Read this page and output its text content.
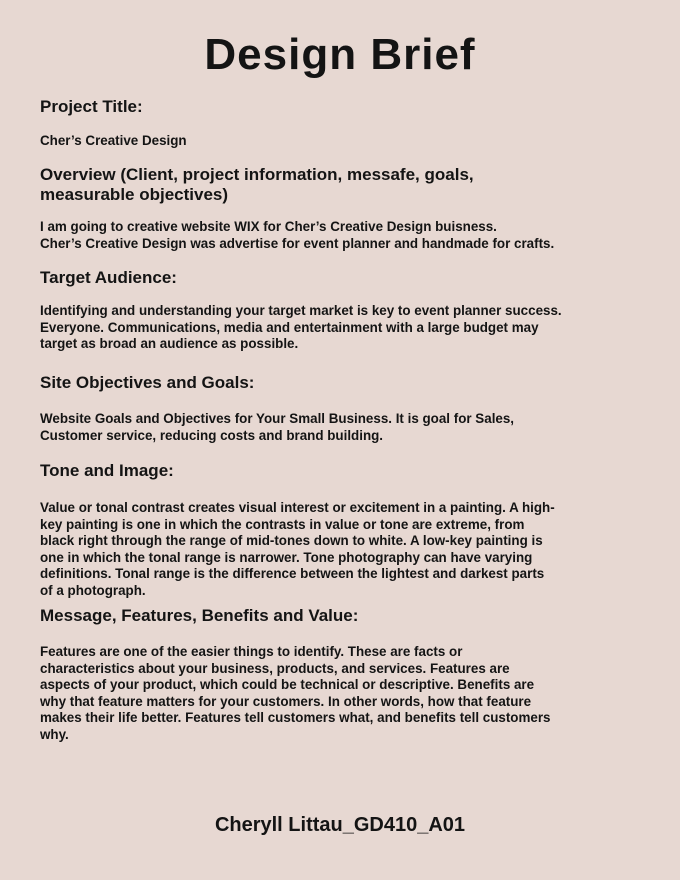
Design Brief
Project Title:

Cher’s Creative Design

Overview (Client, project information, messafe, goals,
measurable objectives)

I am going to creative website WIX for Cher’s Creative Design buisness.
Cher’s Creative Design was advertise for event planner and handmade for crafts.

Target Audience:

Identifying and understanding your target market is key to event planner success.
Everyone. Communications, media and entertainment with a large budget may
target as broad an audience as possible.

Site Objectives and Goals:

Website Goals and Objectives for Your Small Business. It is goal for Sales,
Customer service, reducing costs and brand building.

Tone and Image:

Value or tonal contrast creates visual interest or excitement in a painting. A high-
key painting is one in which the contrasts in value or tone are extreme, from
black right through the range of mid-tones down to white. A low-key painting is
one in which the tonal range is narrower. Tone photography can have varying
definitions. Tonal range is the difference between the lightest and darkest parts
of a photograph.

Message, Features, Benefits and Value:

Features are one of the easier things to identify. These are facts or
characteristics about your business, products, and services. Features are
aspects of your product, which could be technical or descriptive. Benefits are
why that feature matters for your customers. In other words, how that feature
makes their life better. Features tell customers what, and benefits tell customers
why.

Cheryll Littau_GD410_A01
